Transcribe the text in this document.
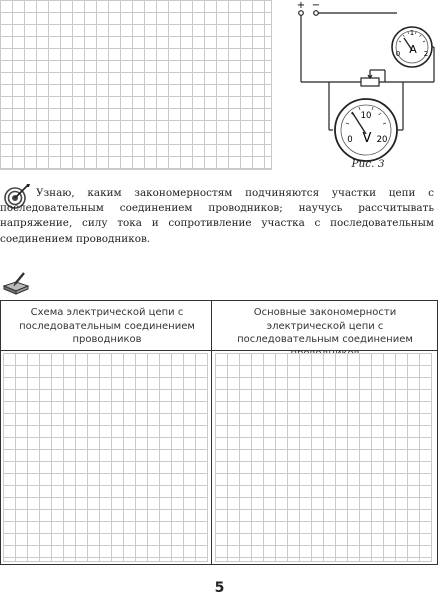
1
A
0	2
10
V
0	20
+ −
Рис. 3
Узнаю, каким закономерностям подчиняются участки цепи с последовательным соединением проводников; научусь рассчитывать напряжение, силу тока и сопротивление участка с последовательным соединением проводников.
Схема электрической цепи с последовательным соединением проводников
Основные закономерности электрической цепи с последовательным соединением
5
